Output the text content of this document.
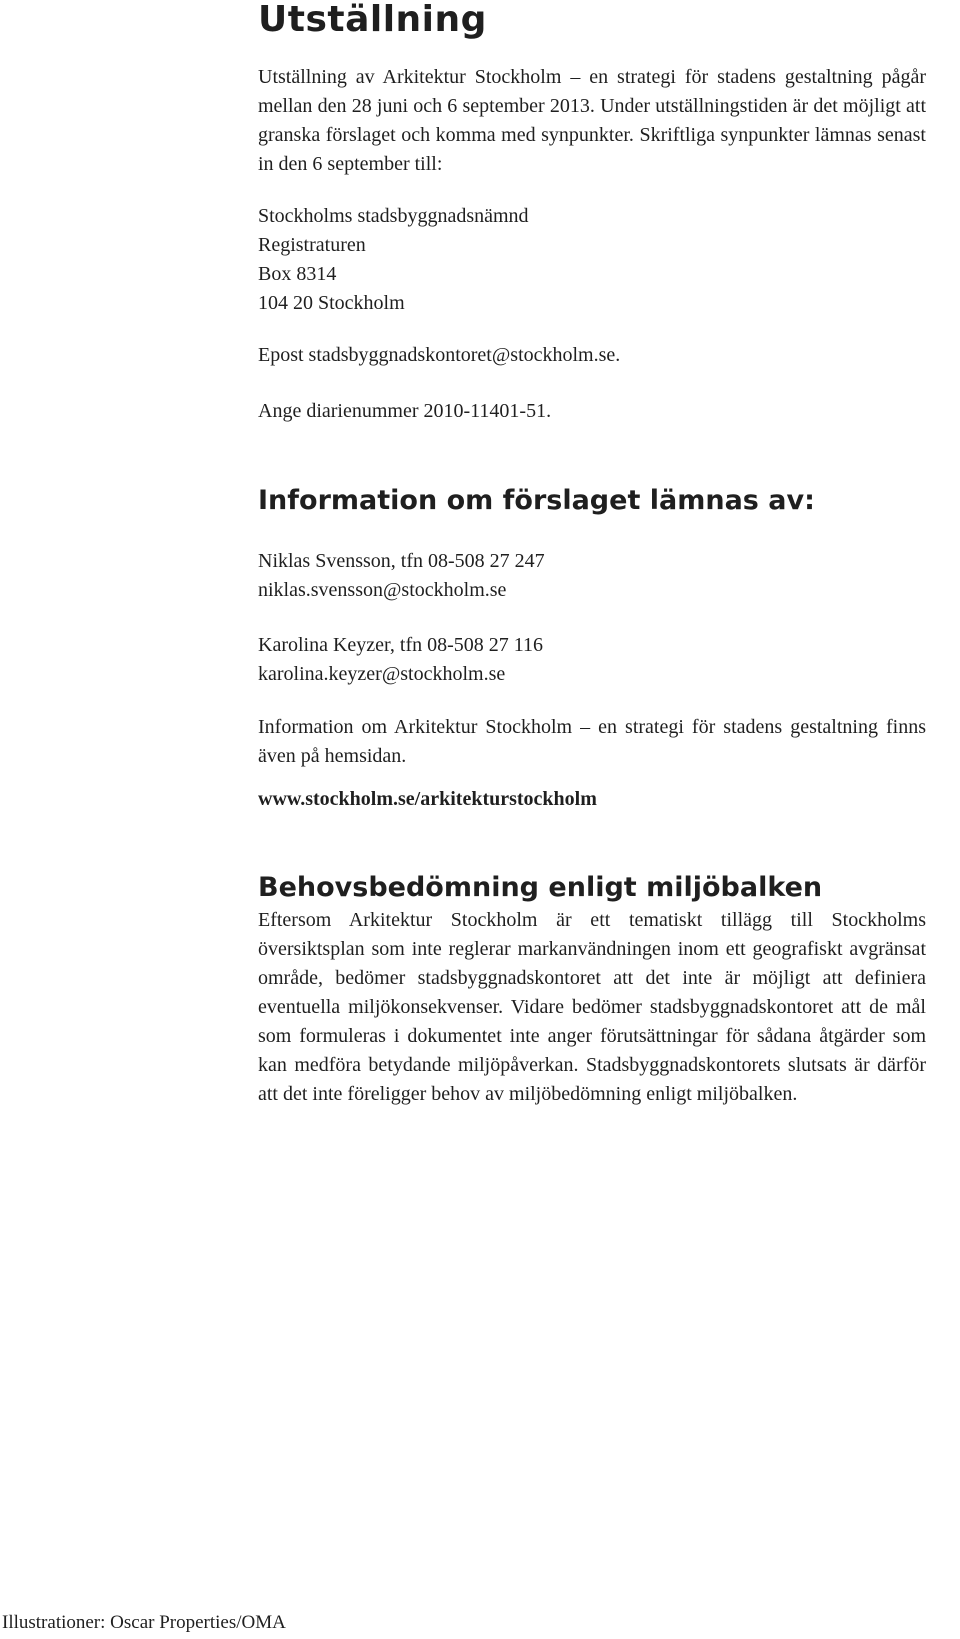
Utställning

Utställning av Arkitektur Stockholm – en strategi för stadens gestaltning pågår mellan den 28 juni och 6 september 2013. Under utställningstiden är det möjligt att granska förslaget och komma med synpunkter. Skriftliga synpunkter lämnas senast in den 6 september till:

Stockholms stadsbyggnadsnämnd
Registraturen
Box 8314
104 20 Stockholm
Epost stadsbyggnadskontoret@stockholm.se.
Ange diarienummer 2010-11401-51.
Information om förslaget lämnas av:
Niklas Svensson, tfn 08-508 27 247
niklas.svensson@stockholm.se
Karolina Keyzer, tfn 08-508 27 116
karolina.keyzer@stockholm.se

Information om Arkitektur Stockholm – en strategi för stadens gestaltning finns även på hemsidan.

www.stockholm.se/arkitekturstockholm
Behovsbedömning enligt miljöbalken

Eftersom Arkitektur Stockholm är ett tematiskt tillägg till Stockholms översiktsplan som inte reglerar markanvändningen inom ett geografiskt avgränsat område, bedömer stadsbyggnadskontoret att det inte är möjligt att definiera eventuella miljökonsekvenser. Vidare bedömer stadsbyggnadskontoret att de mål som formuleras i dokumentet inte anger förutsättningar för sådana åtgärder som kan medföra betydande miljöpåverkan. Stadsbyggnadskontorets slutsats är därför att det inte föreligger behov av miljöbedömning enligt miljöbalken.

Illustrationer: Oscar Properties/OMA
